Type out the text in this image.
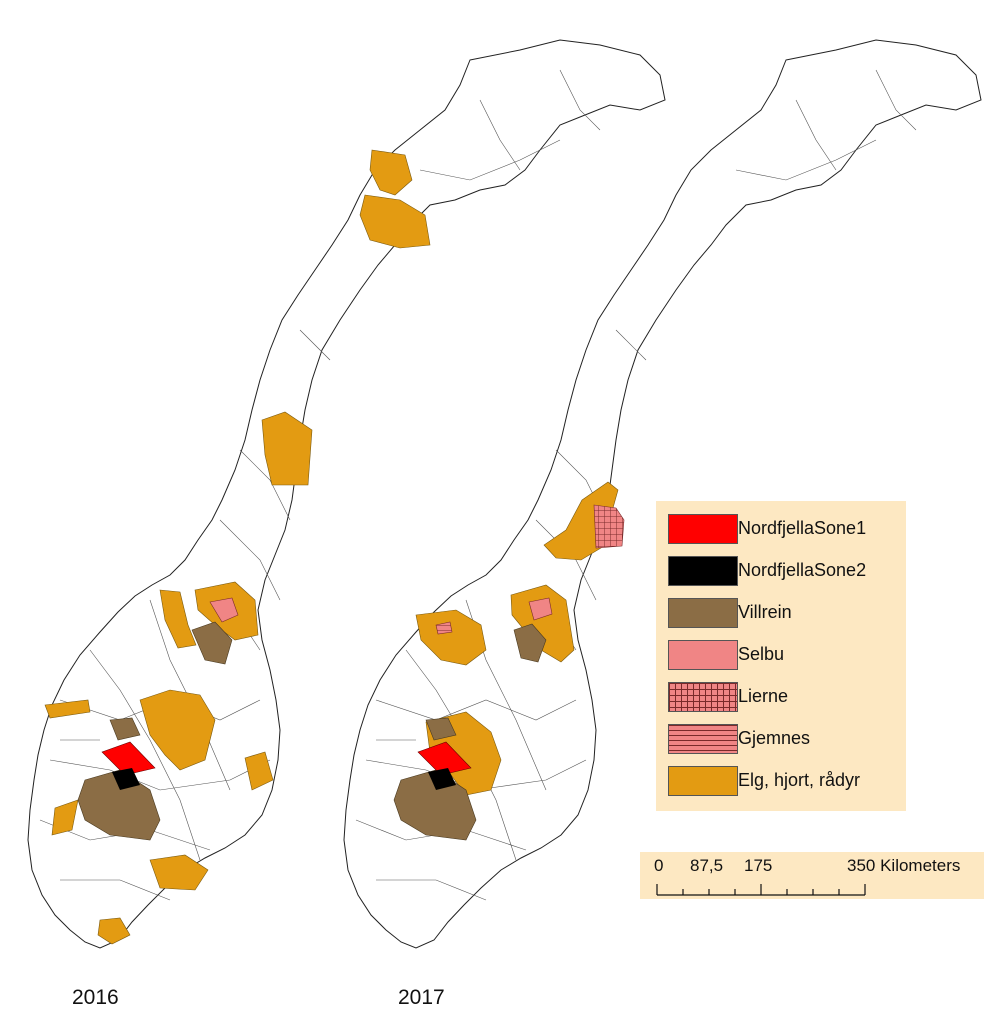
2016	2017
NordfjellaSone1
NordfjellaSone2
Villrein
Selbu
Lierne
Gjemnes
Elg, hjort, rådyr
0 87,5 175	350 Kilometers
